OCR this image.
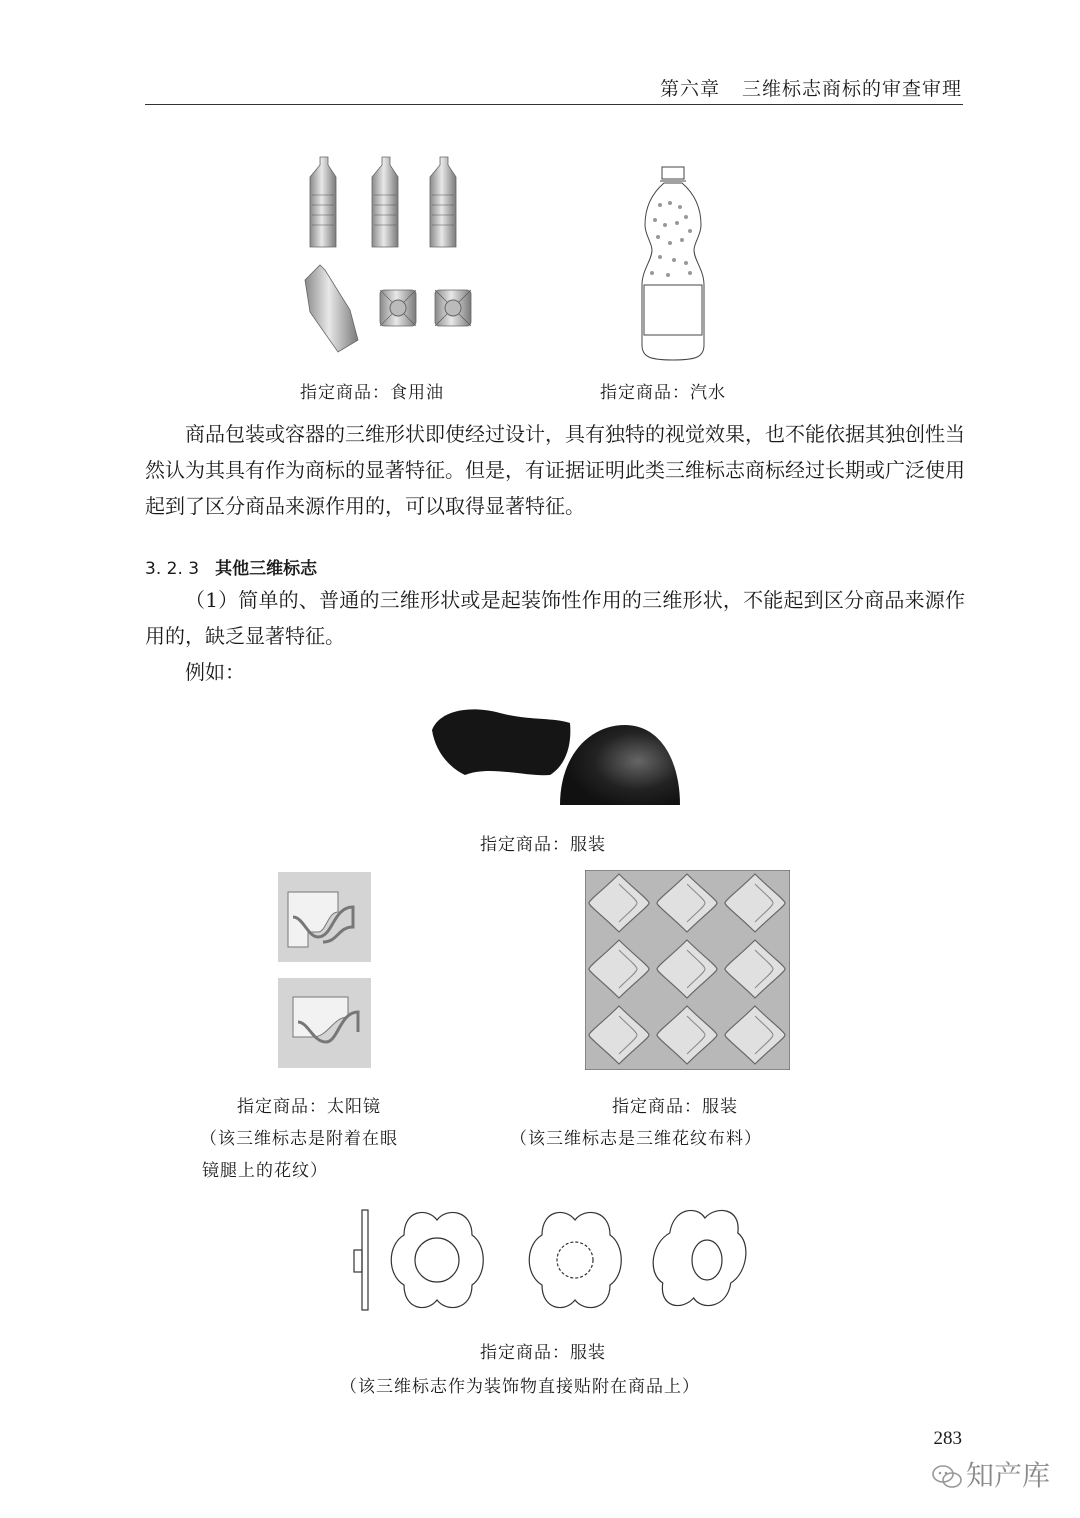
第六章 三维标志商标的审查审理
指定商品：食用油	指定商品：汽水

商品包装或容器的三维形状即使经过设计，具有独特的视觉效果，也不能依据其独创性当然认为其具有作为商标的显著特征。但是，有证据证明此类三维标志商标经过长期或广泛使用起到了区分商品来源作用的，可以取得显著特征。

3. 2. 3 其他三维标志

（1）简单的、普通的三维形状或是起装饰性作用的三维形状，不能起到区分商品来源作用的，缺乏显著特征。

例如：

指定商品：服装
指定商品：太阳镜
（该三维标志是附着在眼
镜腿上的花纹）
指定商品：服装
（该三维标志是三维花纹布料）
指定商品：服装
（该三维标志作为装饰物直接贴附在商品上）
283
知产库
